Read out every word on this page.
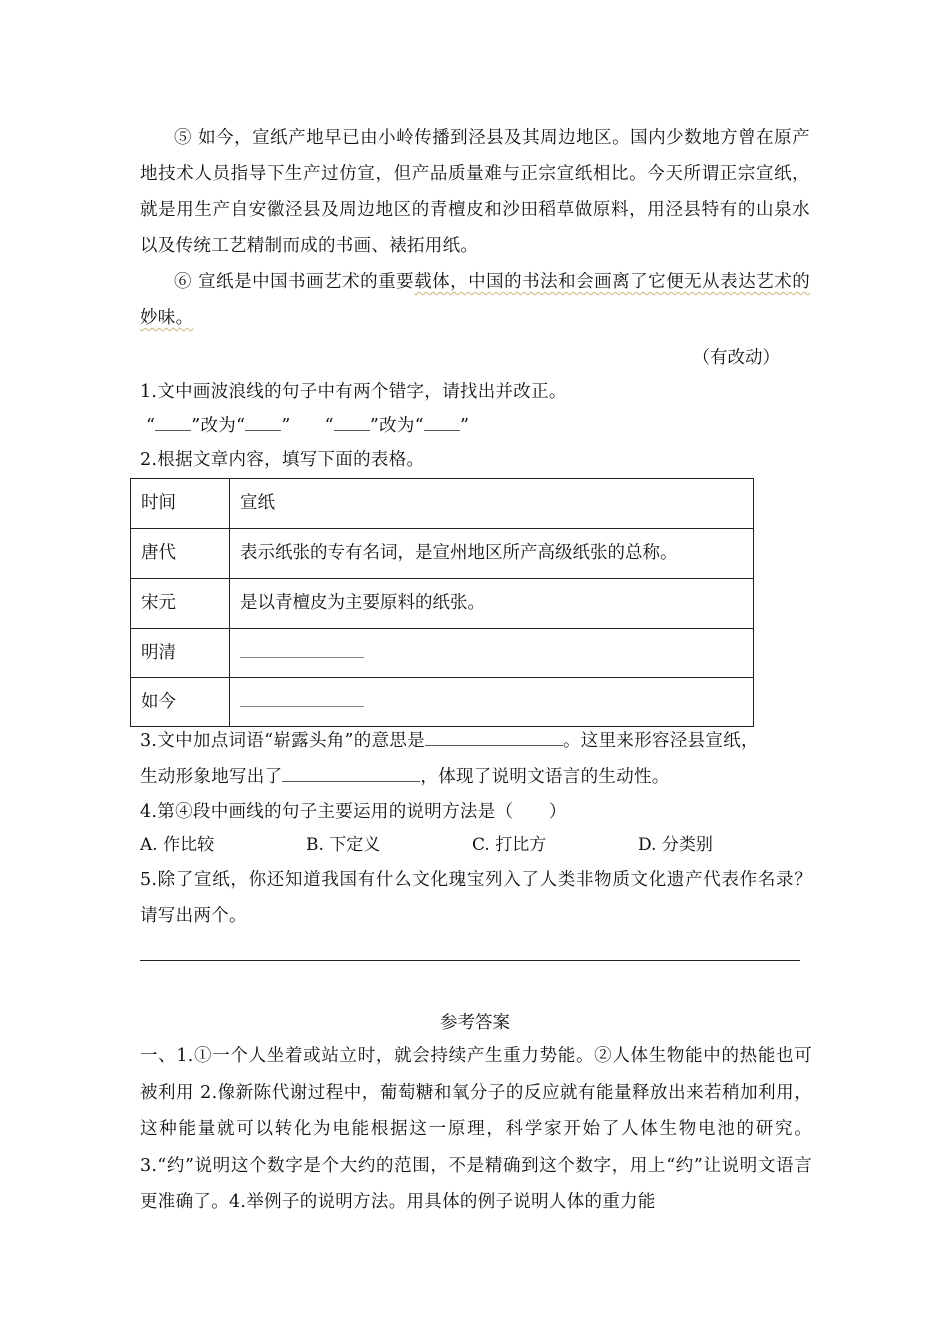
⑤ 如今，宣纸产地早已由小岭传播到泾县及其周边地区。国内少数地方曾在原产地技术人员指导下生产过仿宣，但产品质量难与正宗宣纸相比。今天所谓正宗宣纸，就是用生产自安徽泾县及周边地区的青檀皮和沙田稻草做原料，用泾县特有的山泉水以及传统工艺精制而成的书画、裱拓用纸。
⑥ 宣纸是中国书画艺术的重要载体，中国的书法和会画离了它便无从表达艺术的妙味。
（有改动）
1.文中画波浪线的句子中有两个错字，请找出并改正。
“ ”改为“ ” “ ”改为“ ”
2.根据文章内容，填写下面的表格。
时间	宣纸
唐代	表示纸张的专有名词，是宣州地区所产高级纸张的总称。
宋元	是以青檀皮为主要原料的纸张。
明清	
如今	
3.文中加点词语“崭露头角”的意思是	。这里来形容泾县宣纸，
生动形象地写出了	，体现了说明文语言的生动性。
4.第④段中画线的句子主要运用的说明方法是（　　）
A. 作比较	B. 下定义	C. 打比方	D. 分类别
5.除了宣纸，你还知道我国有什么文化瑰宝列入了人类非物质文化遗产代表作名录？请写出两个。
参考答案
一、1.①一个人坐着或站立时，就会持续产生重力势能。②人体生物能中的热能也可被利用 2.像新陈代谢过程中，葡萄糖和氧分子的反应就有能量释放出来若稍加利用，这种能量就可以转化为电能根据这一原理，科学家开始了人体生物电池的研究。3.“约”说明这个数字是个大约的范围，不是精确到这个数字，用上“约”让说明文语言更准确了。4.举例子的说明方法。用具体的例子说明人体的重力能
